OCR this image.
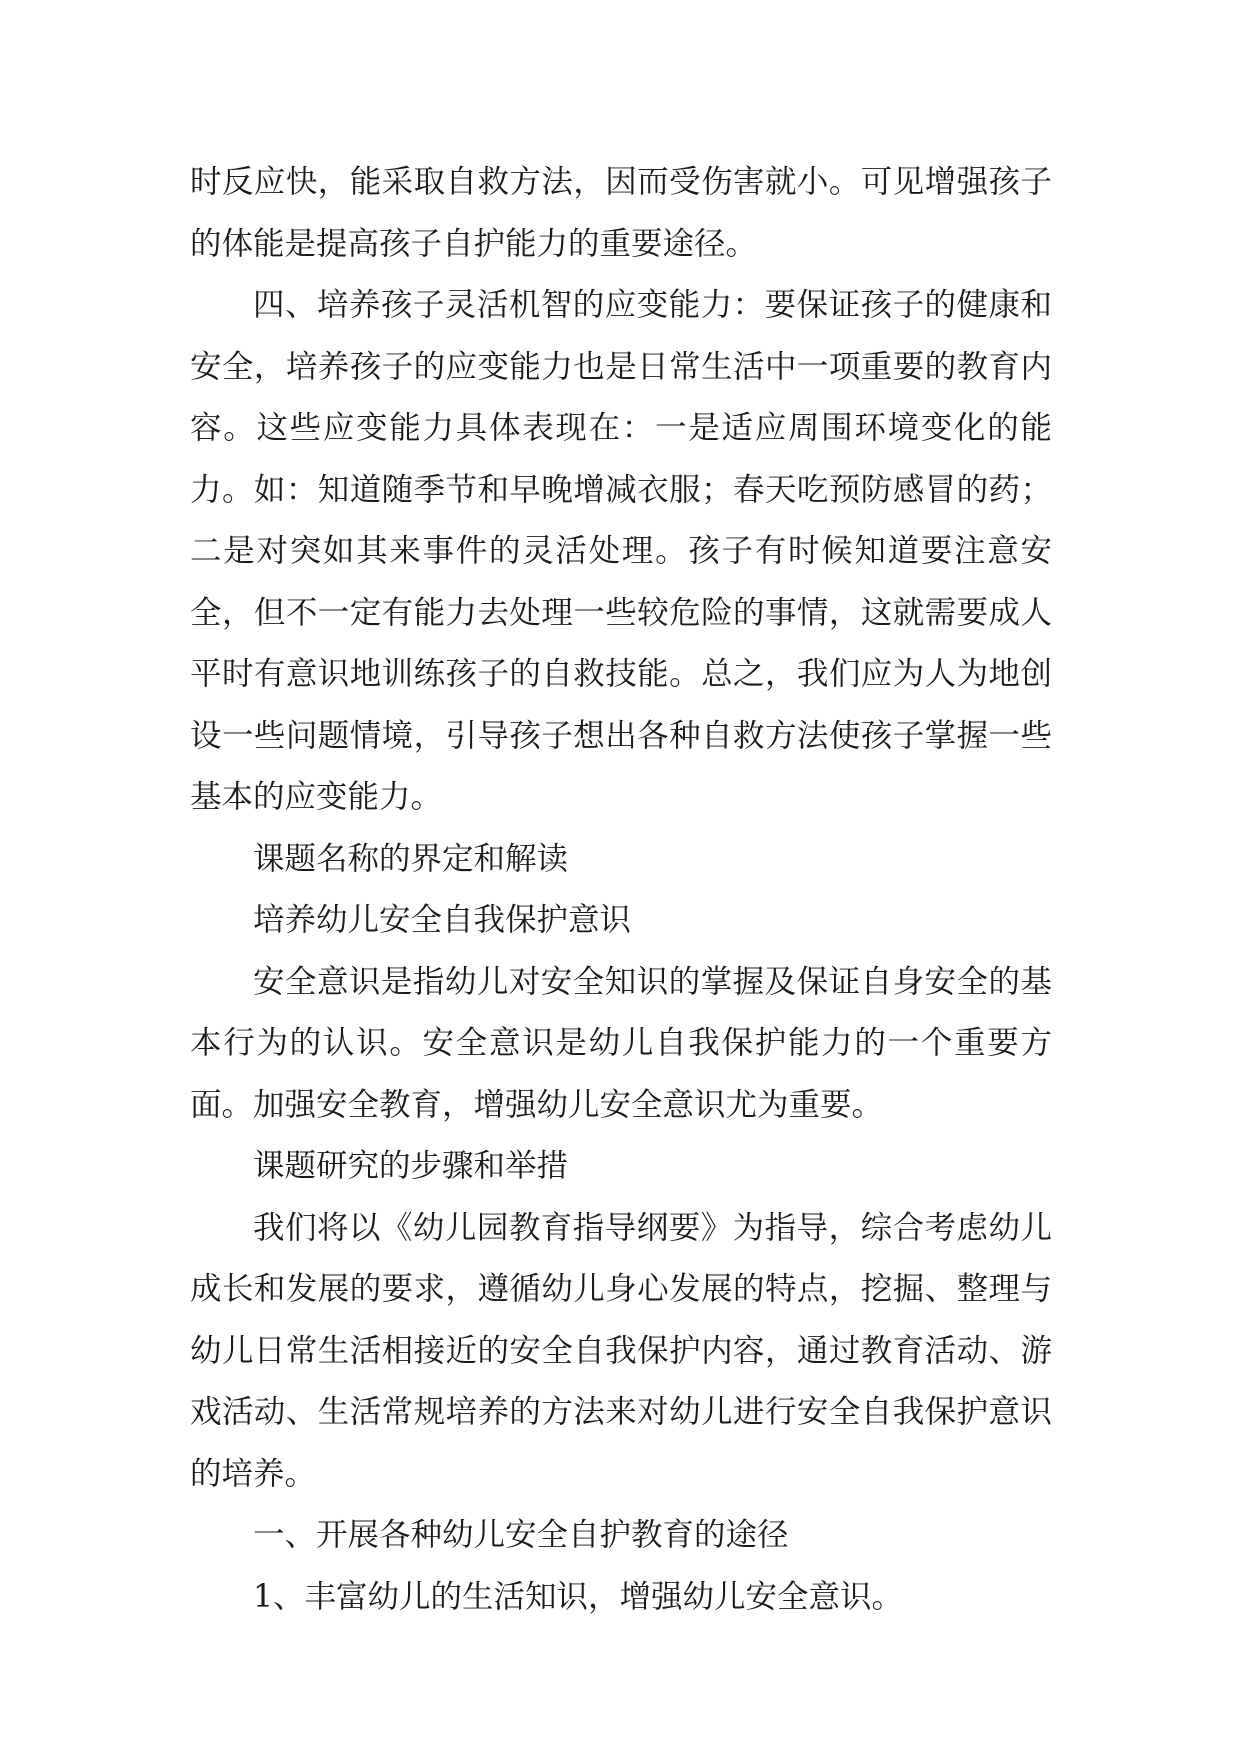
时反应快，能采取自救方法，因而受伤害就小。可见增强孩子的体能是提高孩子自护能力的重要途径。

四、培养孩子灵活机智的应变能力：要保证孩子的健康和安全，培养孩子的应变能力也是日常生活中一项重要的教育内容。这些应变能力具体表现在：一是适应周围环境变化的能力。如：知道随季节和早晚增减衣服；春天吃预防感冒的药；二是对突如其来事件的灵活处理。孩子有时候知道要注意安全，但不一定有能力去处理一些较危险的事情，这就需要成人平时有意识地训练孩子的自救技能。总之，我们应为人为地创设一些问题情境，引导孩子想出各种自救方法使孩子掌握一些基本的应变能力。

课题名称的界定和解读

培养幼儿安全自我保护意识

安全意识是指幼儿对安全知识的掌握及保证自身安全的基本行为的认识。安全意识是幼儿自我保护能力的一个重要方面。加强安全教育，增强幼儿安全意识尤为重要。

课题研究的步骤和举措

我们将以《幼儿园教育指导纲要》为指导，综合考虑幼儿成长和发展的要求，遵循幼儿身心发展的特点，挖掘、整理与幼儿日常生活相接近的安全自我保护内容，通过教育活动、游戏活动、生活常规培养的方法来对幼儿进行安全自我保护意识的培养。

一、开展各种幼儿安全自护教育的途径

1、丰富幼儿的生活知识，增强幼儿安全意识。
